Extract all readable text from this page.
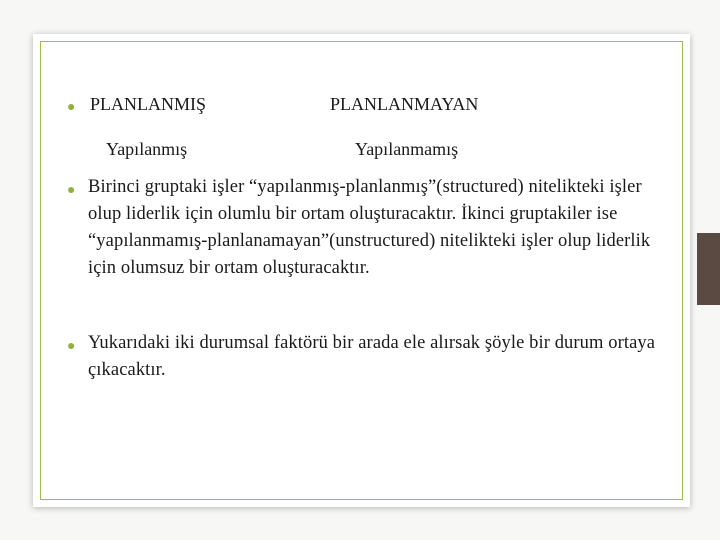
● PLANLANMIŞ	PLANLANMAYAN
Yapılanmış	Yapılanmamış
● Birinci gruptaki işler “yapılanmış-planlanmış”(structured) nitelikteki işler olup liderlik için olumlu bir ortam oluşturacaktır. İkinci gruptakiler ise “yapılanmamış-planlanamayan”(unstructured) nitelikteki işler olup liderlik için olumsuz bir ortam oluşturacaktır.
● Yukarıdaki iki durumsal faktörü bir arada ele alırsak şöyle bir durum ortaya çıkacaktır.
